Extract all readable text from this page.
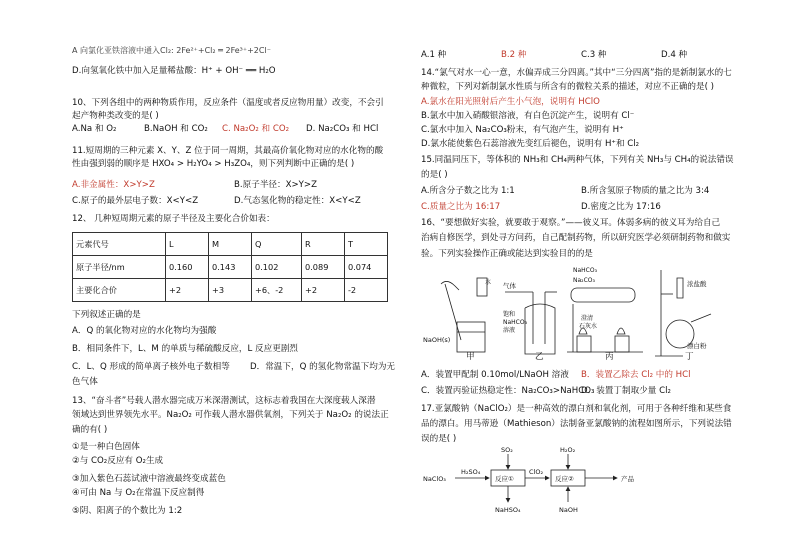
A 向氯化亚铁溶液中通入Cl₂: 2Fe²⁺+Cl₂ ═ 2Fe³⁺+2Cl⁻
D.向氢氧化铁中加入足量稀盐酸：H⁺ + OH⁻ ══ H₂O
10、下列各组中的两种物质作用，反应条件（温度或者反应物用量）改变，不会引
起产物种类改变的是( )
A.Na 和 O₂	B.NaOH 和 CO₂ C. Na₂O₂ 和 CO₂ D. Na₂CO₃ 和 HCl
11.短周期的三种元素 X、Y、Z 位于同一周期，其最高价氧化物对应的水化物的酸
性由强到弱的顺序是 HXO₄ > H₂YO₄ > H₃ZO₄，则下列判断中正确的是( )
A.非金属性：X>Y>Z	B.原子半径：X>Y>Z
C.原子的最外层电子数：X<Y<Z	D.气态氢化物的稳定性：X<Y<Z
12、 几种短周期元素的原子半径及主要化合价如表：
元素代号	L	M	Q	R	T
原子半径/nm	0.160	0.143	0.102	0.089	0.074
主要化合价	+2	+3	+6、-2	+2	-2
下列叙述正确的是
A．Q 的氧化物对应的水化物均为强酸
B．相同条件下，L、M 的单质与稀硫酸反应，L 反应更剧烈
C．L、Q 形成的简单离子核外电子数相等 D．常温下，Q 的氢化物常温下均为无
色气体
13、“奋斗者”号载人潜水器完成万米深潜测试，这标志着我国在大深度载人深潜
领域达到世界领先水平。Na₂O₂ 可作载人潜水器供氧剂，下列关于 Na₂O₂ 的说法正
确的有( )
①是一种白色固体
②与 CO₂反应有 O₂生成
③加入紫色石蕊试液中溶液最终变成蓝色
④可由 Na 与 O₂在常温下反应制得
⑤阴、阳离子的个数比为 1:2
A.1 种	B.2 种	C.3 种	D.4 种
14.“氯气对水一心一意，水偏弄成三分四离。”其中“三分四离”指的是新制氯水的七
种微粒，下列对新制氯水性质与所含有的微粒关系的描述，对应不正确的是( )
A.氯水在阳光照射后产生小气泡，说明有 HClO
B.氯水中加入硝酸银溶液，有白色沉淀产生，说明有 Cl⁻
C.氯水中加入 Na₂CO₃粉末，有气泡产生，说明有 H⁺
D.氯水能使紫色石蕊溶液先变红后褪色，说明有 H⁺和 Cl₂
15.同温同压下，等体积的 NH₃和 CH₄两种气体，下列有关 NH₃与 CH₄的说法错误
的是( )
A.所含分子数之比为 1:1	B.所含氢原子物质的量之比为 3:4
C.质量之比为 16:17	D.密度之比为 17:16
16、“要想做好实验，就要敢于观察。”——彼义耳。体弱多病的彼义耳为给自己
治病自修医学，到处寻方问药，自己配制药物，所以研究医学必须研制药物和做实
验。下列实验操作正确或能达到实验目的的是
NaOH(s)
水 气体
饱和
NaHCO₃
溶液
NaHCO₃
Na₂CO₃
澄清
石灰水
浓盐酸
漂白粉
甲	乙	丙	丁
A．装置甲配制 0.10mol/LNaOH 溶液 B．装置乙除去 Cl₂ 中的 HCl
C．装置丙验证热稳定性：Na₂CO₃>NaHCO₃
D．装置丁制取少量 Cl₂
17.亚氯酸钠（NaClO₂）是一种高效的漂白剂和氧化剂，可用于各种纤维和某些食
品的漂白。用马蒂逊（Mathieson）法制备亚氯酸钠的流程如图所示，下列说法错
误的是( )
NaClO₃
H₂SO₄
SO₂
反应①
ClO₂
H₂O₂
反应②	产品
NaHSO₄	NaOH
